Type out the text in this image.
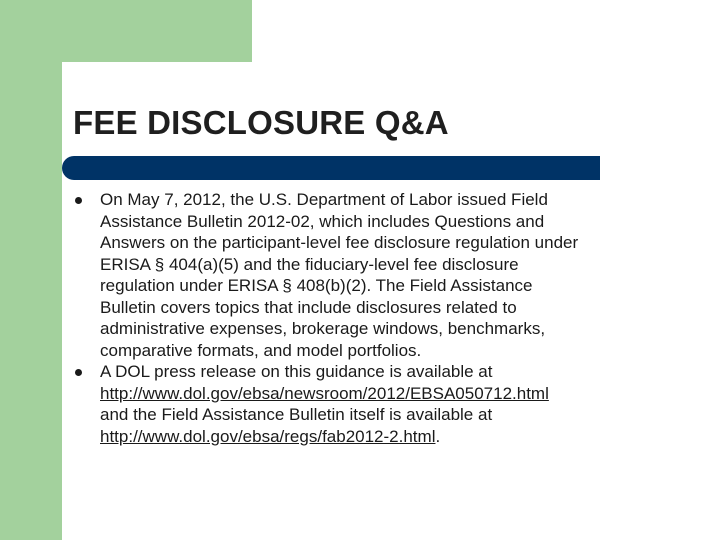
FEE DISCLOSURE Q&A
On May 7, 2012, the U.S. Department of Labor issued Field
Assistance Bulletin 2012-02, which includes Questions and
Answers on the participant-level fee disclosure regulation under
ERISA § 404(a)(5) and the fiduciary-level fee disclosure
regulation under ERISA § 408(b)(2). The Field Assistance
Bulletin covers topics that include disclosures related to
administrative expenses, brokerage windows, benchmarks,
comparative formats, and model portfolios.
A DOL press release on this guidance is available at
http://www.dol.gov/ebsa/newsroom/2012/EBSA050712.html
and the Field Assistance Bulletin itself is available at
http://www.dol.gov/ebsa/regs/fab2012-2.html.
